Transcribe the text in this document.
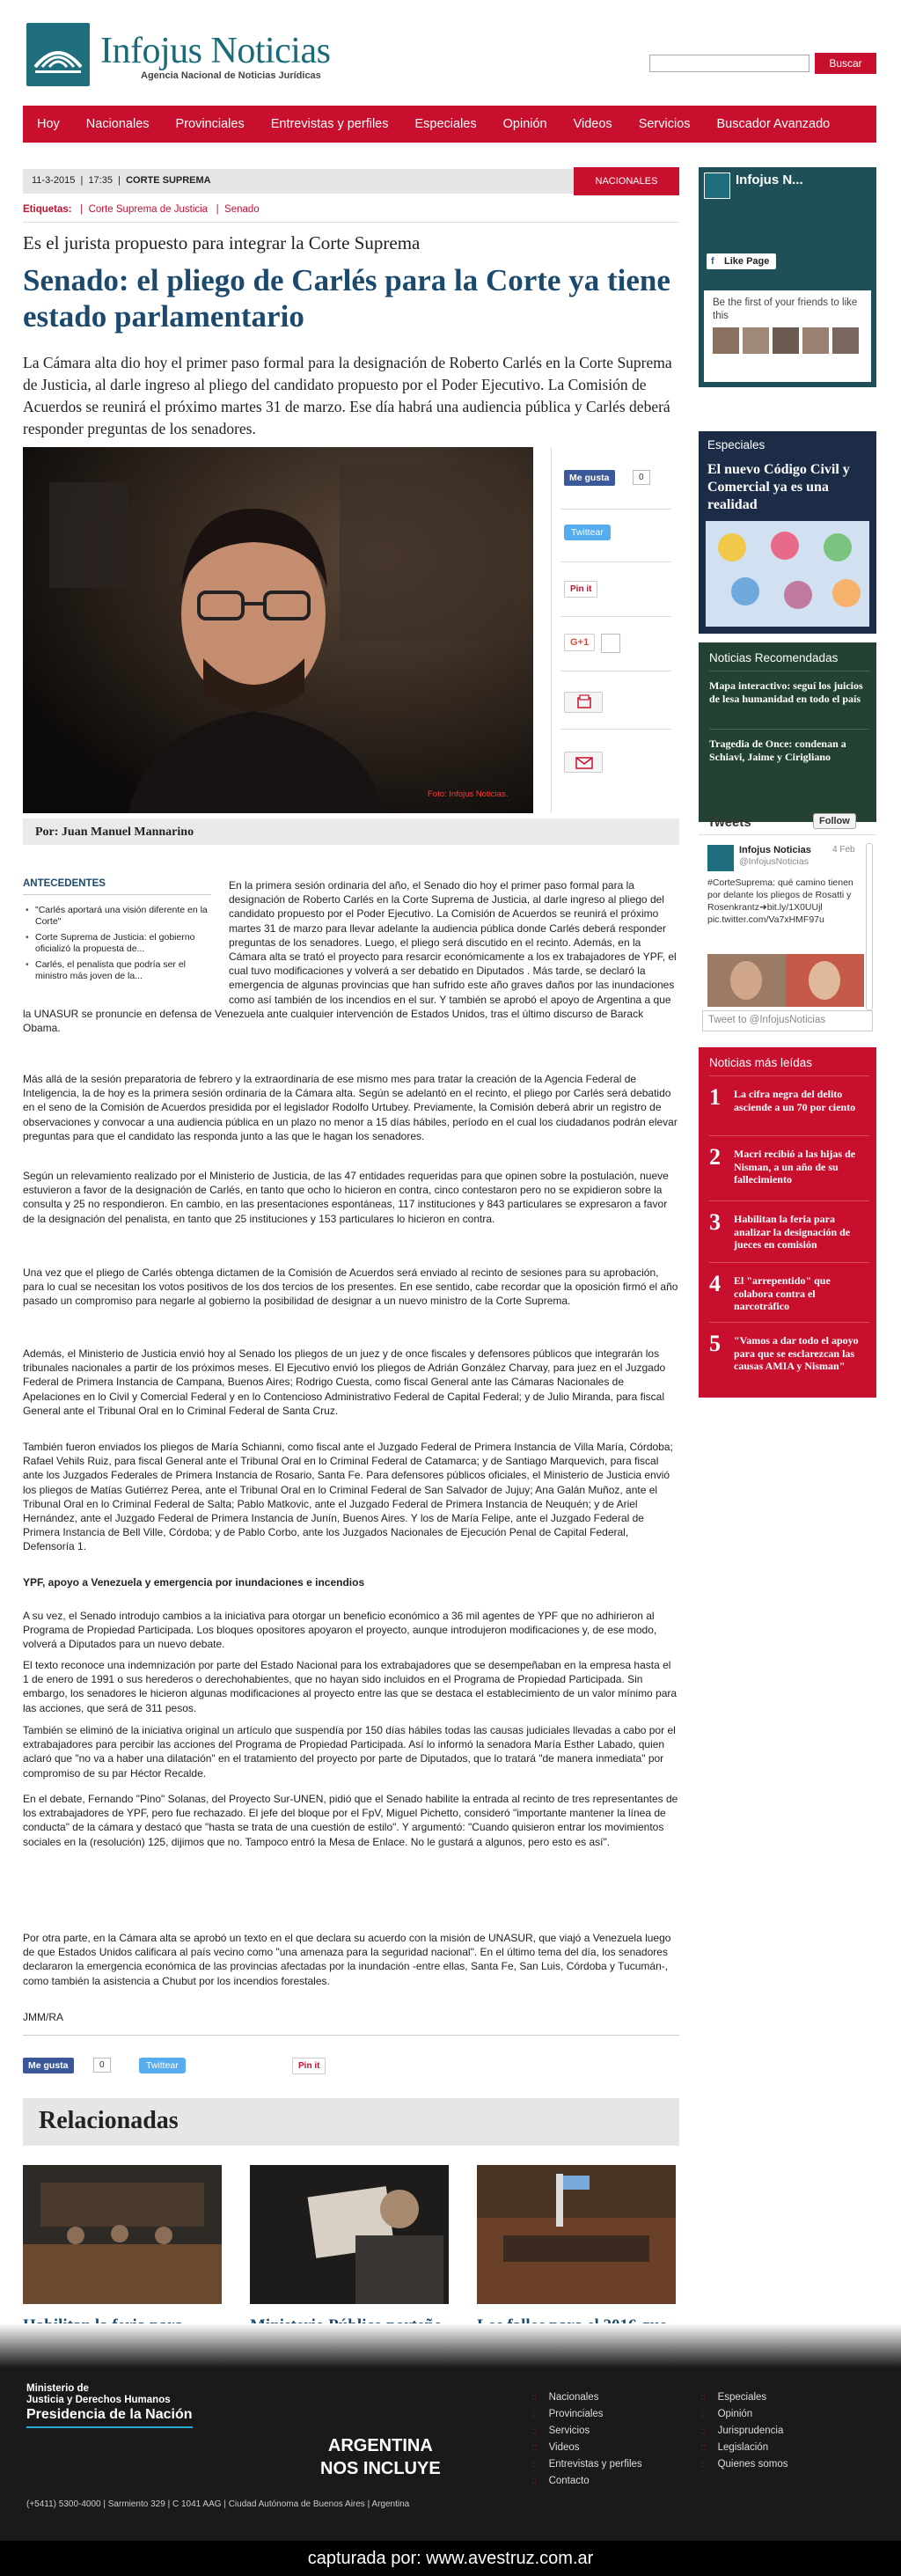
Infojus Noticias
Agencia Nacional de Noticias Jurídicas
Buscar
Hoy Nacionales Provinciales Entrevistas y perfiles Especiales Opinión Videos Servicios Buscador Avanzado
11-3-2015  |  17:35  |  CORTE SUPREMA	NACIONALES
Etiquetas:   |  Corte Suprema de Justicia   |  Senado
Es el jurista propuesto para integrar la Corte Suprema
Senado: el pliego de Carlés para la Corte ya tiene estado parlamentario
La Cámara alta dio hoy el primer paso formal para la designación de Roberto Carlés en la Corte Suprema de Justicia, al darle ingreso al pliego del candidato propuesto por el Poder Ejecutivo. La Comisión de Acuerdos se reunirá el próximo martes 31 de marzo. Ese día habrá una audiencia pública y Carlés deberá responder preguntas de los senadores.
Foto: Infojus Noticias.
Me gusta	0
Twittear
Pin it
G+1
Por: Juan Manuel Mannarino
ANTECEDENTES
• "Carlés aportará una visión diferente en la Corte"
• Corte Suprema de Justicia: el gobierno oficializó la propuesta de...
• Carlés, el penalista que podría ser el ministro más joven de la...
En la primera sesión ordinaria del año, el Senado dio hoy el primer paso formal para la designación de Roberto Carlés en la Corte Suprema de Justicia, al darle ingreso al pliego del candidato propuesto por el Poder Ejecutivo. La Comisión de Acuerdos se reunirá el próximo martes 31 de marzo para llevar adelante la audiencia pública donde Carlés deberá responder preguntas de los senadores. Luego, el pliego será discutido en el recinto. Además, en la Cámara alta se trató el proyecto para resarcir económicamente a los ex trabajadores de YPF, el cual tuvo modificaciones y volverá a ser debatido en Diputados . Más tarde, se declaró la emergencia de algunas provincias que han sufrido este año graves daños por las inundaciones como así también de los incendios en el sur. Y también se aprobó el apoyo de Argentina a que la UNASUR se pronuncie en defensa de Venezuela ante cualquier intervención de Estados Unidos, tras el último discurso de Barack Obama.
Más allá de la sesión preparatoria de febrero y la extraordinaria de ese mismo mes para tratar la creación de la Agencia Federal de Inteligencia, la de hoy es la primera sesión ordinaria de la Cámara alta. Según se adelantó en el recinto, el pliego por Carlés será debatido en el seno de la Comisión de Acuerdos presidida por el legislador Rodolfo Urtubey. Previamente, la Comisión deberá abrir un registro de observaciones y convocar a una audiencia pública en un plazo no menor a 15 días hábiles, período en el cual los ciudadanos podrán elevar preguntas para que el candidato las responda junto a las que le hagan los senadores.
Según un relevamiento realizado por el Ministerio de Justicia, de las 47 entidades requeridas para que opinen sobre la postulación, nueve estuvieron a favor de la designación de Carlés, en tanto que ocho lo hicieron en contra, cinco contestaron pero no se expidieron sobre la consulta y 25 no respondieron. En cambio, en las presentaciones espontáneas, 117 instituciones y 843 particulares se expresaron a favor de la designación del penalista, en tanto que 25 instituciones y 153 particulares lo hicieron en contra.
Una vez que el pliego de Carlés obtenga dictamen de la Comisión de Acuerdos será enviado al recinto de sesiones para su aprobación, para lo cual se necesitan los votos positivos de los dos tercios de los presentes. En ese sentido, cabe recordar que la oposición firmó el año pasado un compromiso para negarle al gobierno la posibilidad de designar a un nuevo ministro de la Corte Suprema.
Además, el Ministerio de Justicia envió hoy al Senado los pliegos de un juez y de once fiscales y defensores públicos que integrarán los tribunales nacionales a partir de los próximos meses. El Ejecutivo envió los pliegos de Adrián González Charvay, para juez en el Juzgado Federal de Primera Instancia de Campana, Buenos Aires; Rodrigo Cuesta, como fiscal General ante las Cámaras Nacionales de Apelaciones en lo Civil y Comercial Federal y en lo Contencioso Administrativo Federal de Capital Federal; y de Julio Miranda, para fiscal General ante el Tribunal Oral en lo Criminal Federal de Santa Cruz.
También fueron enviados los pliegos de María Schianni, como fiscal ante el Juzgado Federal de Primera Instancia de Villa María, Córdoba; Rafael Vehils Ruiz, para fiscal General ante el Tribunal Oral en lo Criminal Federal de Catamarca; y de Santiago Marquevich, para fiscal ante los Juzgados Federales de Primera Instancia de Rosario, Santa Fe. Para defensores públicos oficiales, el Ministerio de Justicia envió los pliegos de Matías Gutiérrez Perea, ante el Tribunal Oral en lo Criminal Federal de San Salvador de Jujuy; Ana Galán Muñoz, ante el Tribunal Oral en lo Criminal Federal de Salta; Pablo Matkovic, ante el Juzgado Federal de Primera Instancia de Neuquén; y de Ariel Hernández, ante el Juzgado Federal de Primera Instancia de Junín, Buenos Aires. Y los de María Felipe, ante el Juzgado Federal de Primera Instancia de Bell Ville, Córdoba; y de Pablo Corbo, ante los Juzgados Nacionales de Ejecución Penal de Capital Federal, Defensoría 1.
YPF, apoyo a Venezuela y emergencia por inundaciones e incendios
A su vez, el Senado introdujo cambios a la iniciativa para otorgar un beneficio económico a 36 mil agentes de YPF que no adhirieron al Programa de Propiedad Participada. Los bloques opositores apoyaron el proyecto, aunque introdujeron modificaciones y, de ese modo, volverá a Diputados para un nuevo debate.
El texto reconoce una indemnización por parte del Estado Nacional para los extrabajadores que se desempeñaban en la empresa hasta el 1 de enero de 1991 o sus herederos o derechohabientes, que no hayan sido incluidos en el Programa de Propiedad Participada. Sin embargo, los senadores le hicieron algunas modificaciones al proyecto entre las que se destaca el establecimiento de un valor mínimo para las acciones, que será de 311 pesos.
También se eliminó de la iniciativa original un artículo que suspendía por 150 días hábiles todas las causas judiciales llevadas a cabo por el extrabajadores para percibir las acciones del Programa de Propiedad Participada. Así lo informó la senadora María Esther Labado, quien aclaró que "no va a haber una dilatación" en el tratamiento del proyecto por parte de Diputados, que lo tratará "de manera inmediata" por compromiso de su par Héctor Recalde.
En el debate, Fernando "Pino" Solanas, del Proyecto Sur-UNEN, pidió que el Senado habilite la entrada al recinto de tres representantes de los extrabajadores de YPF, pero fue rechazado. El jefe del bloque por el FpV, Miguel Pichetto, consideró "importante mantener la línea de conducta" de la cámara y destacó que "hasta se trata de una cuestión de estilo". Y argumentó: "Cuando quisieron entrar los movimientos sociales en la (resolución) 125, dijimos que no. Tampoco entró la Mesa de Enlace. No le gustará a algunos, pero esto es así".
Por otra parte, en la Cámara alta se aprobó un texto en el que declara su acuerdo con la misión de UNASUR, que viajó a Venezuela luego de que Estados Unidos calificara al país vecino como "una amenaza para la seguridad nacional". En el último tema del día, los senadores declararon la emergencia económica de las provincias afectadas por la inundación -entre ellas, Santa Fe, San Luis, Córdoba y Tucumán-, como también la asistencia a Chubut por los incendios forestales.
JMM/RA
Me gusta	0	Twittear	Pin it
Relacionadas
Infojus N...
f Like Page
Be the first of your friends to like this
Especiales
El nuevo Código Civil y Comercial ya es una realidad
Noticias Recomendadas
Mapa interactivo: seguí los juicios de lesa humanidad en todo el país
Tragedia de Once: condenan a Schiavi, Jaime y Cirigliano
Tweets	Follow
Infojus Noticias
@InfojusNoticias
4 Feb
#CorteSuprema: qué camino tienen por delante los pliegos de Rosatti y Rosenkrantz➜bit.ly/1X0UUjl pic.twitter.com/Va7xHMF97u
Tweet to @InfojusNoticias
Noticias más leídas
1 La cifra negra del delito asciende a un 70 por ciento
2 Macri recibió a las hijas de Nisman, a un año de su fallecimiento
3 Habilitan la feria para analizar la designación de jueces en comisión
4 El "arrepentido" que colabora contra el narcotráfico
5 "Vamos a dar todo el apoyo para que se esclarezcan las causas AMIA y Nisman"
Ministerio de
Justicia y Derechos Humanos
Presidencia de la Nación
ARGENTINA
NOS INCLUYE
(+5411) 5300-4000 | Sarmiento 329 | C 1041 AAG | Ciudad Autónoma de Buenos Aires | Argentina
:: Nacionales
:: Provinciales
:: Servicios
:: Videos
:: Entrevistas y perfiles
:: Contacto
:: Especiales
:: Opinión
:: Jurisprudencia
:: Legislación
:: Quienes somos
capturada por: www.avestruz.com.ar
